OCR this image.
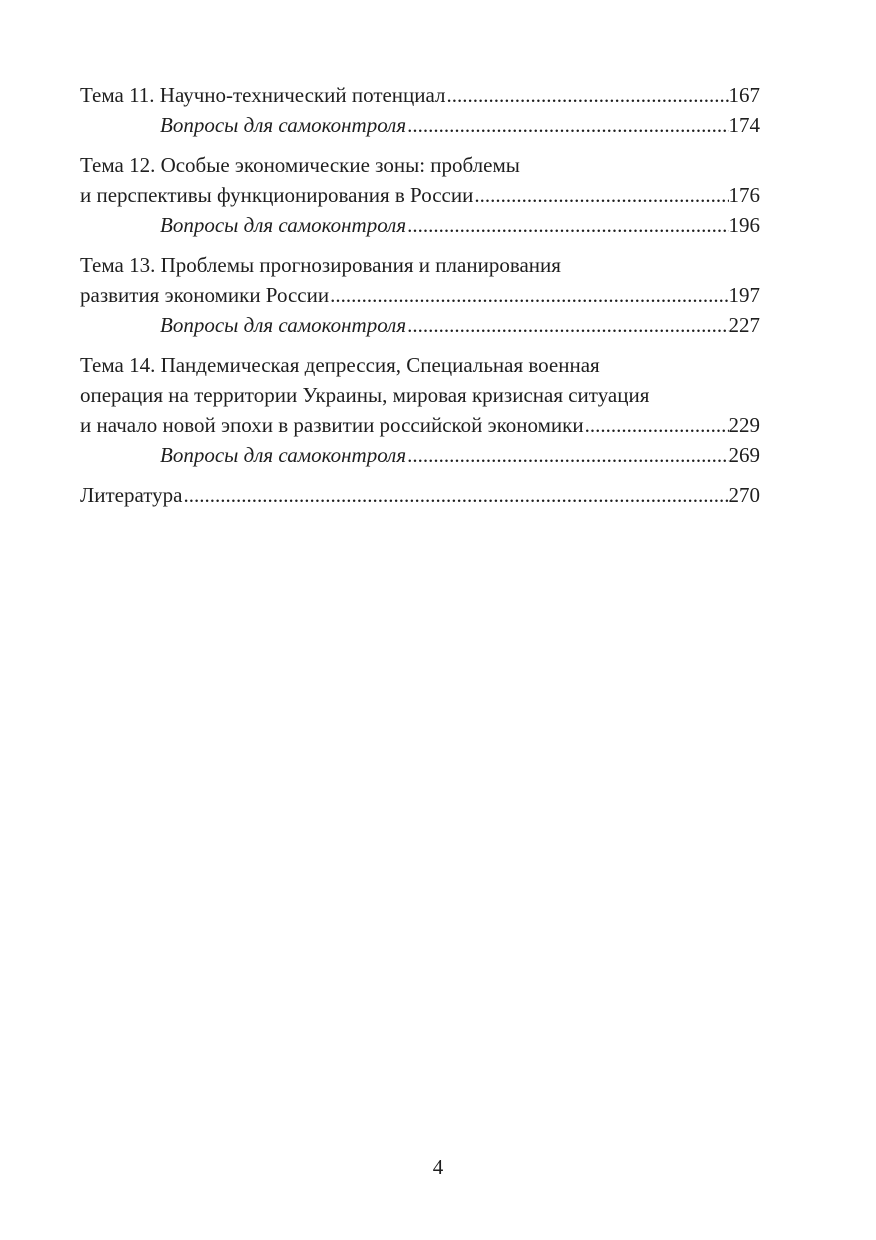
Тема 11. Научно-технический потенциал .....	167
Вопросы для самоконтроля .....	174
Тема 12. Особые экономические зоны: проблемы
и перспективы функционирования в России .....	176
Вопросы для самоконтроля .....	196
Тема 13. Проблемы прогнозирования и планирования
развития экономики России .....	197
Вопросы для самоконтроля .....	227
Тема 14. Пандемическая депрессия, Специальная военная
операция на территории Украины, мировая кризисная ситуация
и начало новой эпохи в развитии российской экономики .....	229
Вопросы для самоконтроля .....	269
Литература .....	270
4
